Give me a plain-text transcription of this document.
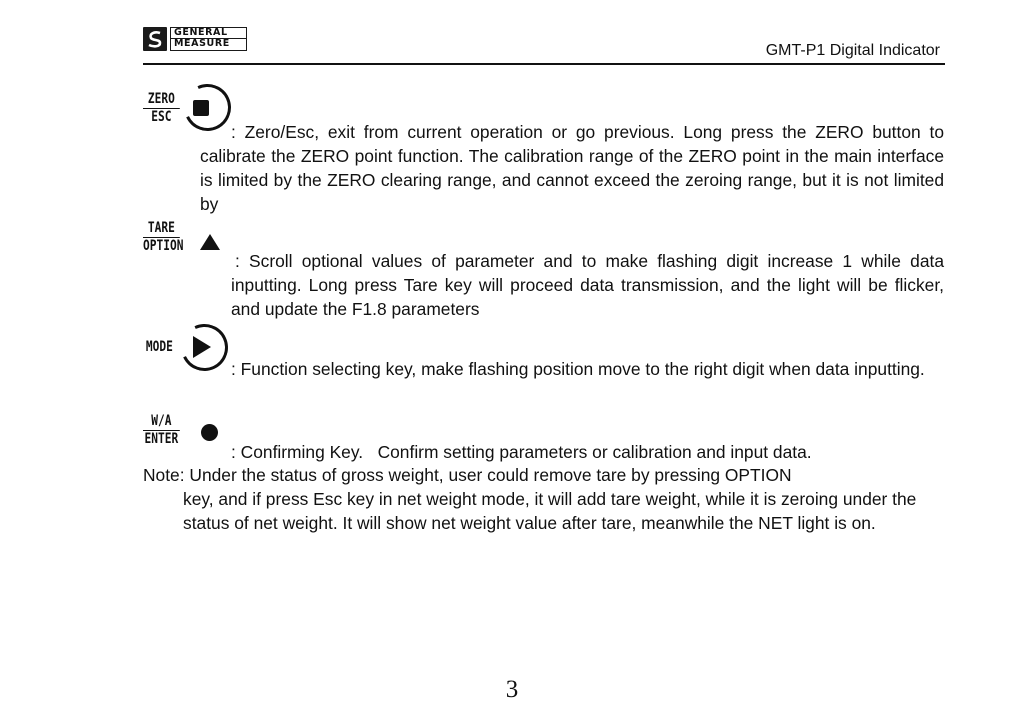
GENERAL
MEASURE	GMT-P1 Digital Indicator
ZERO
ESC

: Zero/Esc, exit from current operation or go previous. Long press the ZERO button to calibrate the ZERO point function. The calibration range of the ZERO point in the main interface is limited by the ZERO clearing range, and cannot exceed the zeroing range, but it is not limited by

TARE
OPTION

: Scroll optional values of parameter and to make flashing digit increase 1 while data inputting. Long press Tare key will proceed data transmission, and the light will be flicker, and update the F1.8 parameters

MODE

: Function selecting key, make flashing position move to the right digit when data inputting.

W/A
ENTER

: Confirming Key.   Confirm setting parameters or calibration and input data.

Note: Under the status of gross weight, user could remove tare by pressing OPTION

key, and if press Esc key in net weight mode, it will add tare weight, while it is zeroing under the status of net weight. It will show net weight value after tare, meanwhile the NET light is on.

3
